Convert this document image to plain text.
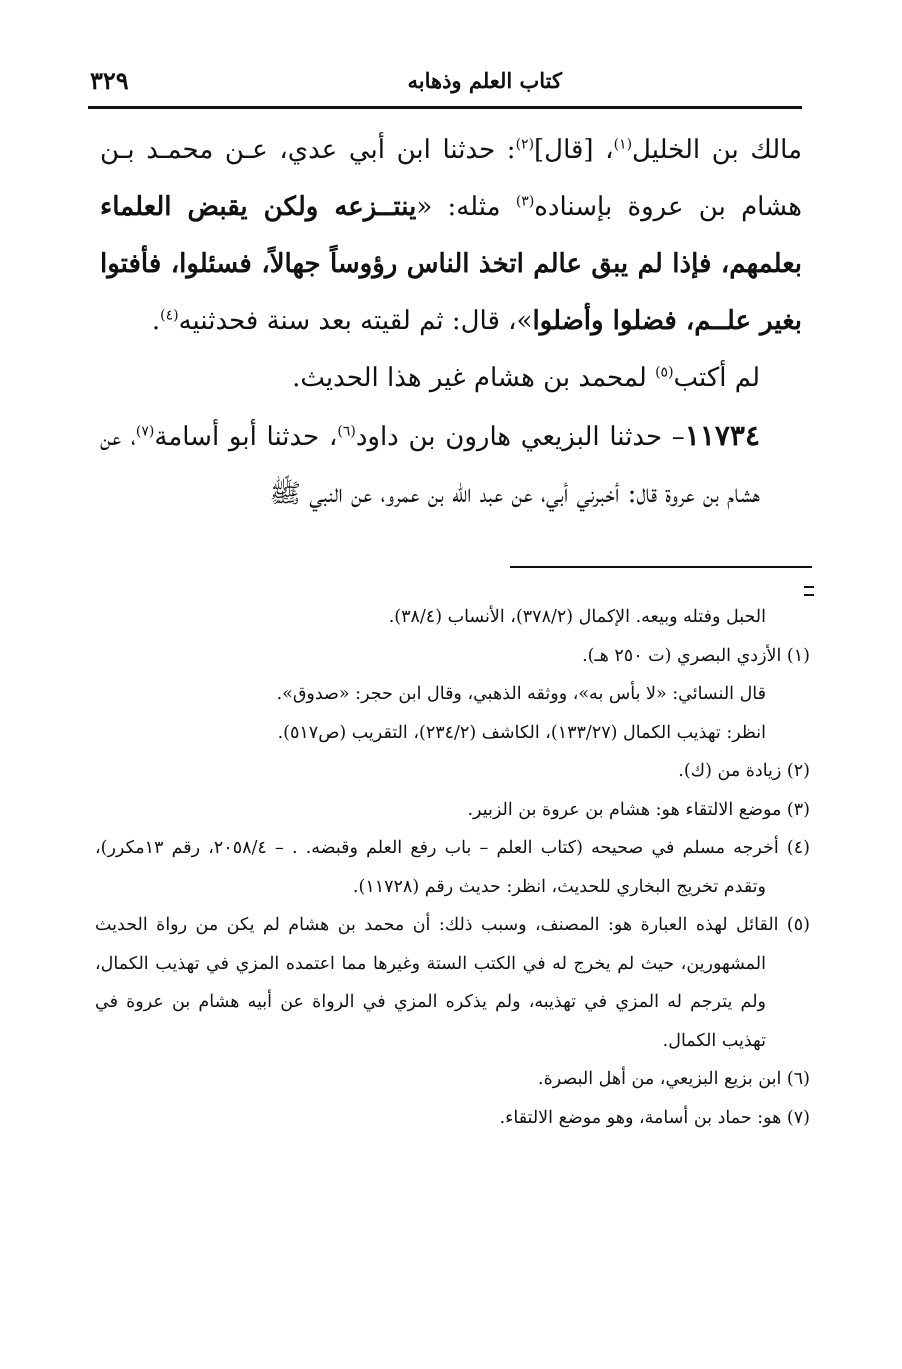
كتاب العلم وذهابه
٣٢٩

مالك بن الخليل$^{(١)}$، [قال]$^{(٢)}$: حدثنا ابن أبي عدي، عـن محمـد بـن هشام بن عروة بإسناده$^{(٣)}$ مثله: «ينتــزعه ولكن يقبض العلماء بعلمهم، فإذا لم يبق عالم اتخذ الناس رؤوساً جهالاً، فسئلوا، فأفتوا بغير علــم، فضلوا وأضلوا»، قال: ثم لقيته بعد سنة فحدثنيه$^{(٤)}$.

لم أكتب$^{(٥)}$ لمحمد بن هشام غير هذا الحديث.

١١٧٣٤– حدثنا البزيعي هارون بن داود$^{(٦)}$، حدثنا أبو أسامة$^{(٧)}$، عن هشام بن عروة قال: أخبرني أبي، عن عبد الله بن عمرو، عن النبي ﷺ

الحبل وفتله وبيعه. الإكمال (٣٧٨/٢)، الأنساب (٣٨/٤).

(١) الأزدي البصري (ت ٢٥٠ هـ).

قال النسائي: «لا بأس به»، ووثقه الذهبي، وقال ابن حجر: «صدوق».

انظر: تهذيب الكمال (١٣٣/٢٧)، الكاشف (٢٣٤/٢)، التقريب (ص٥١٧).

(٢) زيادة من (ك).

(٣) موضع الالتقاء هو: هشام بن عروة بن الزبير.

(٤) أخرجه مسلم في صحيحه (كتاب العلم – باب رفع العلم وقبضه. . – ٢٠٥٨/٤، رقم ١٣مكرر)، وتقدم تخريج البخاري للحديث، انظر: حديث رقم (١١٧٢٨).

(٥) القائل لهذه العبارة هو: المصنف، وسبب ذلك: أن محمد بن هشام لم يكن من رواة الحديث المشهورين، حيث لم يخرج له في الكتب الستة وغيرها مما اعتمده المزي في تهذيب الكمال، ولم يترجم له المزي في تهذيبه، ولم يذكره المزي في الرواة عن أبيه هشام بن عروة في تهذيب الكمال.

(٦) ابن بزيع البزيعي، من أهل البصرة.

(٧) هو: حماد بن أسامة، وهو موضع الالتقاء.
